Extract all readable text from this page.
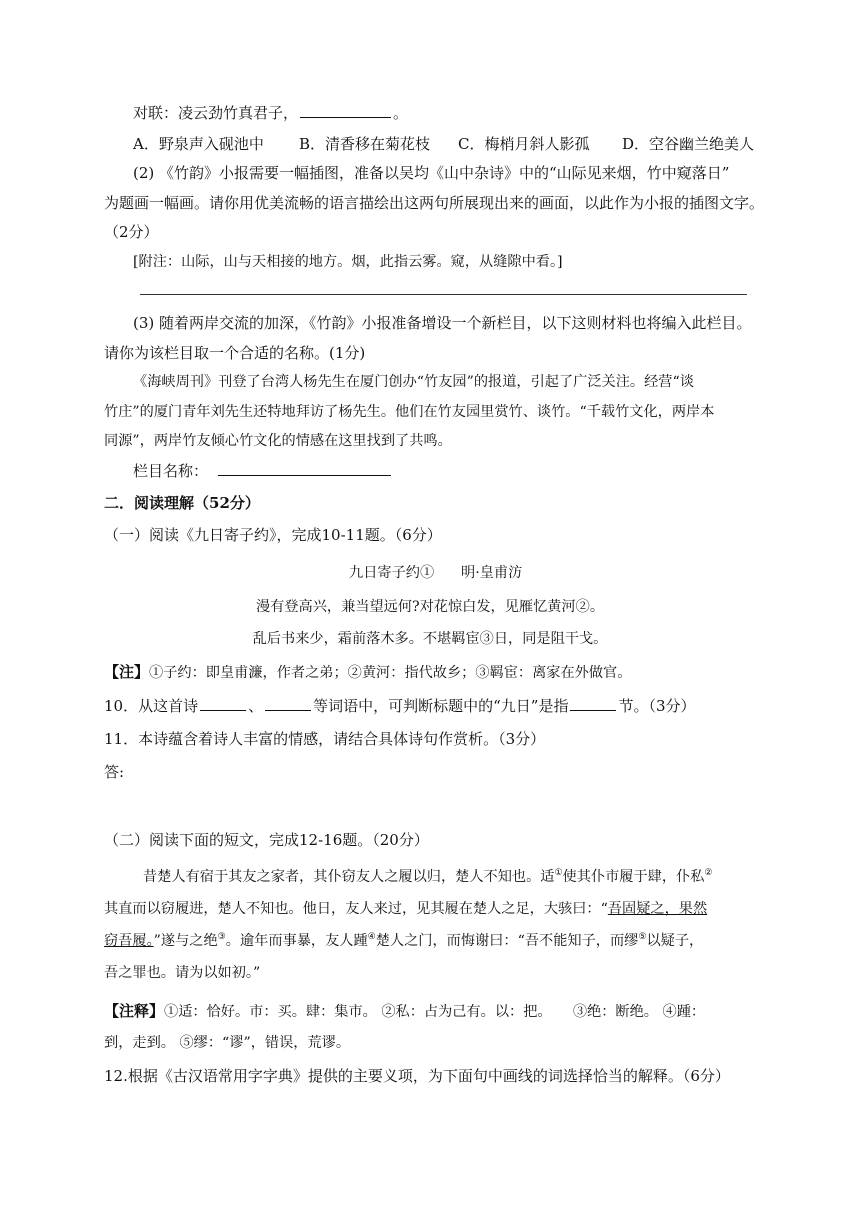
对联：凌云劲竹真君子，	。
A．野泉声入砚池中 B．清香移在菊花枝 C．梅梢月斜人影孤 D．空谷幽兰绝美人
(2) 《竹韵》小报需要一幅插图，准备以吴均《山中杂诗》中的“山际见来烟，竹中窥落日”
为题画一幅画。请你用优美流畅的语言描绘出这两句所展现出来的画面，以此作为小报的插图文字。
（2分）
[附注：山际，山与天相接的地方。烟，此指云雾。窥，从缝隙中看。]
(3) 随着两岸交流的加深，《竹韵》小报准备增设一个新栏目，以下这则材料也将编入此栏目。
请你为该栏目取一个合适的名称。(1分)
《海峡周刊》刊登了台湾人杨先生在厦门创办“竹友园”的报道，引起了广泛关注。经营“谈
竹庄”的厦门青年刘先生还特地拜访了杨先生。他们在竹友园里赏竹、谈竹。“千载竹文化，两岸本
同源”，两岸竹友倾心竹文化的情感在这里找到了共鸣。
栏目名称：
二．阅读理解（52分）
（一）阅读《九日寄子约》，完成10-11题。（6分）
九日寄子约① 明·皇甫汸
漫有登高兴，兼当望远何?对花惊白发，见雁忆黄河②。
乱后书来少，霜前落木多。不堪羁宦③日，同是阻干戈。
【注】①子约：即皇甫濂，作者之弟；②黄河：指代故乡；③羁宦：离家在外做官。
10．从这首诗	、	等词语中，可判断标题中的“九日”是指	节。（3分）
11．本诗蕴含着诗人丰富的情感，请结合具体诗句作赏析。（3分）
答:
（二）阅读下面的短文，完成12-16题。（20分）
昔楚人有宿于其友之家者，其仆窃友人之履以归，楚人不知也。适①使其仆市履于肆，仆私②
其直而以窃履进，楚人不知也。他日，友人来过，见其履在楚人之足，大骇曰：“吾固疑之，果然
窃吾履。”遂与之绝③。逾年而事暴，友人踵④楚人之门，而悔谢曰：“吾不能知子，而缪⑤以疑子，
吾之罪也。请为以如初。”
【注释】①适：恰好。市：买。肆：集市。 ②私：占为己有。以：把。　　③绝：断绝。 ④踵：
到，走到。 ⑤缪：“谬”，错误，荒谬。
12.根据《古汉语常用字字典》提供的主要义项，为下面句中画线的词选择恰当的解释。（6分）
